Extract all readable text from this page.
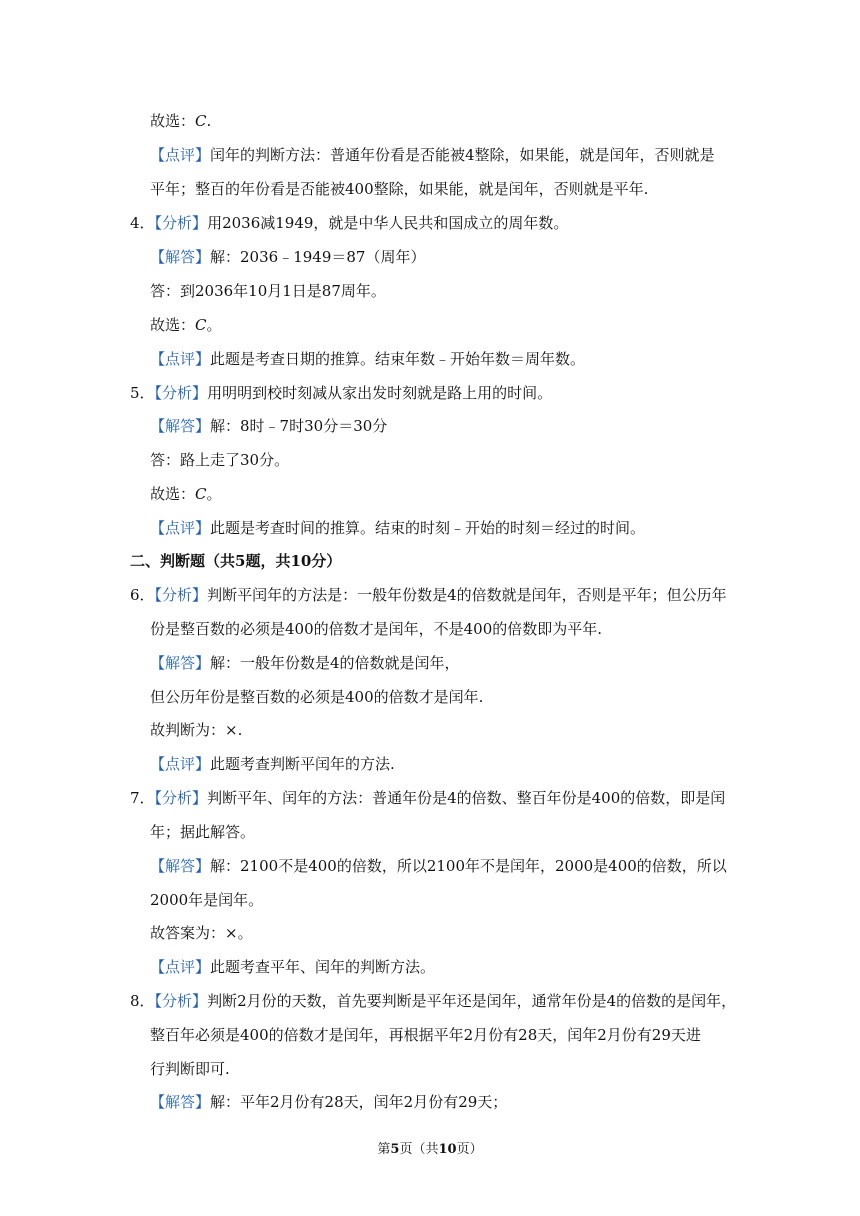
故选：C.
【点评】闰年的判断方法：普通年份看是否能被4整除，如果能，就是闰年，否则就是
平年；整百的年份看是否能被400整除，如果能，就是闰年，否则就是平年.
4．【分析】用2036减1949，就是中华人民共和国成立的周年数。
【解答】解：2036﹣1949＝87（周年）
答：到2036年10月1日是87周年。
故选：C。
【点评】此题是考查日期的推算。结束年数﹣开始年数＝周年数。
5．【分析】用明明到校时刻减从家出发时刻就是路上用的时间。
【解答】解：8时﹣7时30分＝30分
答：路上走了30分。
故选：C。
【点评】此题是考查时间的推算。结束的时刻﹣开始的时刻＝经过的时间。
二、判断题（共5题，共10分）
6．【分析】判断平闰年的方法是：一般年份数是4的倍数就是闰年，否则是平年；但公历年
份是整百数的必须是400的倍数才是闰年，不是400的倍数即为平年.
【解答】解：一般年份数是4的倍数就是闰年，
但公历年份是整百数的必须是400的倍数才是闰年.
故判断为：×.
【点评】此题考查判断平闰年的方法.
7．【分析】判断平年、闰年的方法：普通年份是4的倍数、整百年份是400的倍数，即是闰
年；据此解答。
【解答】解：2100不是400的倍数，所以2100年不是闰年，2000是400的倍数，所以
2000年是闰年。
故答案为：×。
【点评】此题考查平年、闰年的判断方法。
8．【分析】判断2月份的天数，首先要判断是平年还是闰年，通常年份是4的倍数的是闰年，
整百年必须是400的倍数才是闰年，再根据平年2月份有28天，闰年2月份有29天进
行判断即可.
【解答】解：平年2月份有28天，闰年2月份有29天；
第5页（共10页）
